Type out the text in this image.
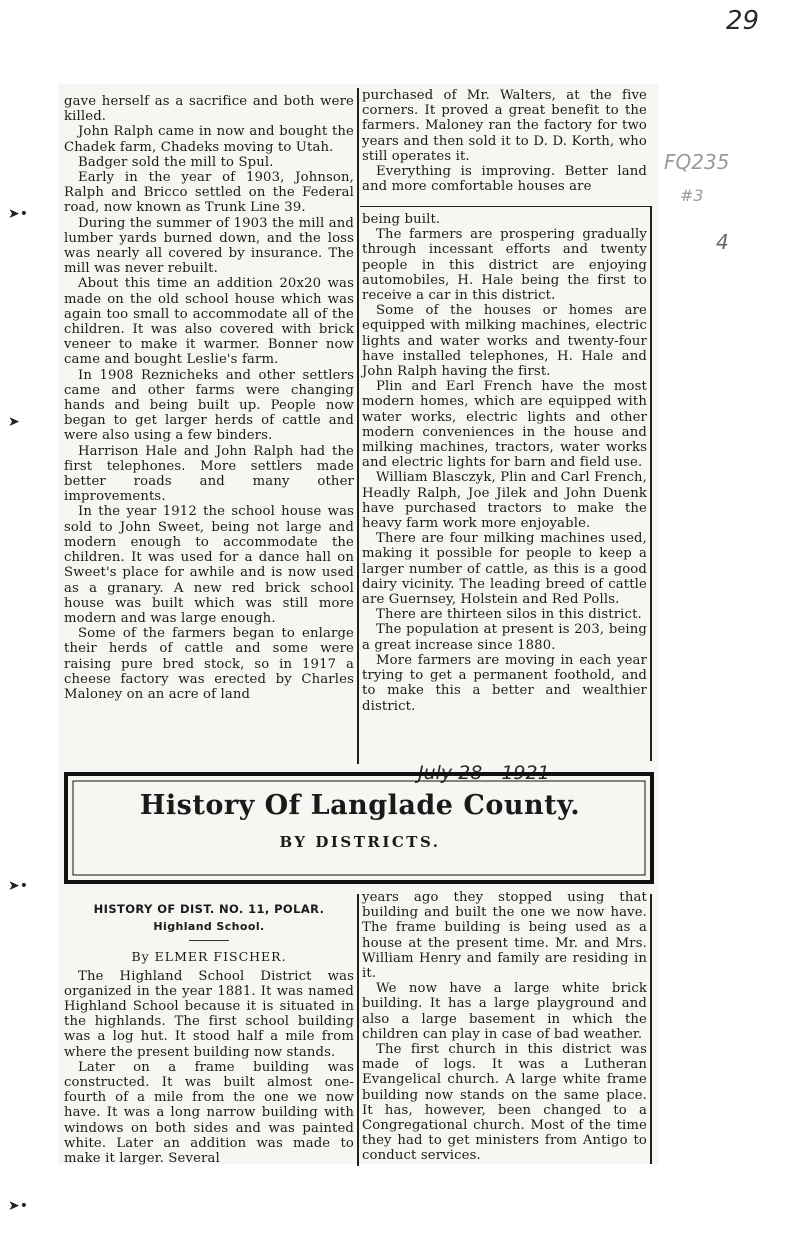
29
FQ235
#3
4
➤•
➤
➤•
➤•

gave herself as a sacrifice and both were killed.

John Ralph came in now and bought the Chadek farm, Chadeks moving to Utah.

Badger sold the mill to Spul.

Early in the year of 1903, Johnson, Ralph and Bricco settled on the Federal road, now known as Trunk Line 39.

During the summer of 1903 the mill and lumber yards burned down, and the loss was nearly all covered by insurance. The mill was never rebuilt.

About this time an addition 20x20 was made on the old school house which was again too small to accommodate all of the children. It was also covered with brick veneer to make it warmer. Bonner now came and bought Leslie's farm.

In 1908 Reznicheks and other settlers came and other farms were changing hands and being built up. People now began to get larger herds of cattle and were also using a few binders.

Harrison Hale and John Ralph had the first telephones. More settlers made better roads and many other improvements.

In the year 1912 the school house was sold to John Sweet, being not large and modern enough to accommodate the children. It was used for a dance hall on Sweet's place for awhile and is now used as a granary. A new red brick school house was built which was still more modern and was large enough.

Some of the farmers began to enlarge their herds of cattle and some were raising pure bred stock, so in 1917 a cheese factory was erected by Charles Maloney on an acre of land

purchased of Mr. Walters, at the five corners. It proved a great benefit to the farmers. Maloney ran the factory for two years and then sold it to D. D. Korth, who still operates it.

Everything is improving. Better land and more comfortable houses are

being built.

The farmers are prospering gradually through incessant efforts and twenty people in this district are enjoying automobiles, H. Hale being the first to receive a car in this district.

Some of the houses or homes are equipped with milking machines, electric lights and water works and twenty-four have installed telephones, H. Hale and John Ralph having the first.

Plin and Earl French have the most modern homes, which are equipped with water works, electric lights and other modern conveniences in the house and milking machines, tractors, water works and electric lights for barn and field use.

William Blasczyk, Plin and Carl French, Headly Ralph, Joe Jilek and John Duenk have purchased tractors to make the heavy farm work more enjoyable.

There are four milking machines used, making it possible for people to keep a larger number of cattle, as this is a good dairy vicinity. The leading breed of cattle are Guernsey, Holstein and Red Polls.

There are thirteen silos in this district.

The population at present is 203, being a great increase since 1880.

More farmers are moving in each year trying to get a permanent foothold, and to make this a better and wealthier district.

July 28 - 1921
History Of Langlade County.
BY DISTRICTS.
HISTORY OF DIST. NO. 11, POLAR.
Highland School.
By ELMER FISCHER.

The Highland School District was organized in the year 1881. It was named Highland School because it is situated in the highlands. The first school building was a log hut. It stood half a mile from where the present building now stands.

Later on a frame building was constructed. It was built almost one-fourth of a mile from the one we now have. It was a long narrow building with windows on both sides and was painted white. Later an addition was made to make it larger. Several

years ago they stopped using that building and built the one we now have. The frame building is being used as a house at the present time. Mr. and Mrs. William Henry and family are residing in it.

We now have a large white brick building. It has a large playground and also a large basement in which the children can play in case of bad weather.

The first church in this district was made of logs. It was a Lutheran Evangelical church. A large white frame building now stands on the same place. It has, however, been changed to a Congregational church. Most of the time they had to get ministers from Antigo to conduct services.
